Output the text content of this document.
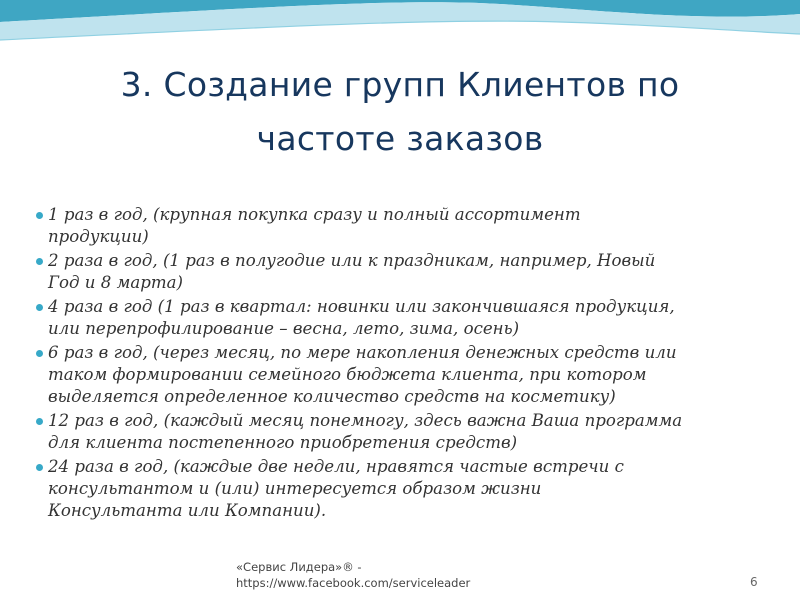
3. Создание групп Клиентов по
частоте заказов
1 раз в год, (крупная покупка сразу и полный ассортимент
продукции)
2 раза в год, (1 раз в полугодие или к праздникам, например, Новый
Год и 8 марта)
4 раза в год (1 раз в квартал: новинки или закончившаяся продукция,
или перепрофилирование – весна, лето, зима, осень)
6 раз в год, (через месяц, по мере накопления денежных средств или
таком формировании семейного бюджета клиента, при котором
выделяется определенное количество средств на косметику)
12 раз в год, (каждый месяц понемногу, здесь важна Ваша программа
для клиента постепенного приобретения средств)
24 раза в год, (каждые две недели, нравятся частые встречи с
консультантом и (или) интересуется образом жизни
Консультанта или Компании).
«Сервис Лидера»® -
https://www.facebook.com/serviceleader	6
